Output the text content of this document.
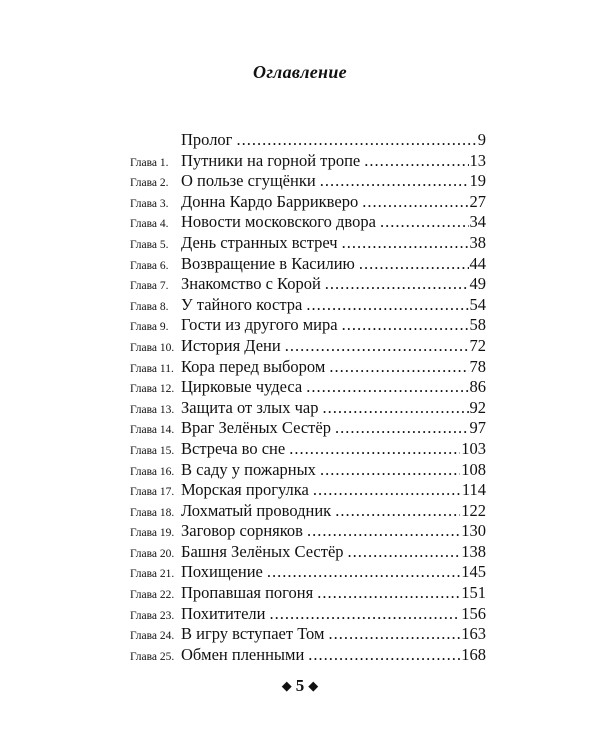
Оглавление
Пролог .....	9
Глава 1. Путники на горной тропе .....	13
Глава 2. О пользе сгущёнки .....	19
Глава 3. Донна Кардо Баррикверо .....	27
Глава 4. Новости московского двора .....	34
Глава 5. День странных встреч .....	38
Глава 6. Возвращение в Касилию .....	44
Глава 7. Знакомство с Корой .....	49
Глава 8. У тайного костра .....	54
Глава 9. Гости из другого мира .....	58
Глава 10. История Дени .....	72
Глава 11. Кора перед выбором .....	78
Глава 12. Цирковые чудеса .....	86
Глава 13. Защита от злых чар .....	92
Глава 14. Враг Зелёных Сестёр .....	97
Глава 15. Встреча во сне .....	103
Глава 16. В саду у пожарных .....	108
Глава 17. Морская прогулка .....	114
Глава 18. Лохматый проводник .....	122
Глава 19. Заговор сорняков .....	130
Глава 20. Башня Зелёных Сестёр .....	138
Глава 21. Похищение .....	145
Глава 22. Пропавшая погоня .....	151
Глава 23. Похитители .....	156
Глава 24. В игру вступает Том .....	163
Глава 25. Обмен пленными .....	168
◆ 5 ◆
